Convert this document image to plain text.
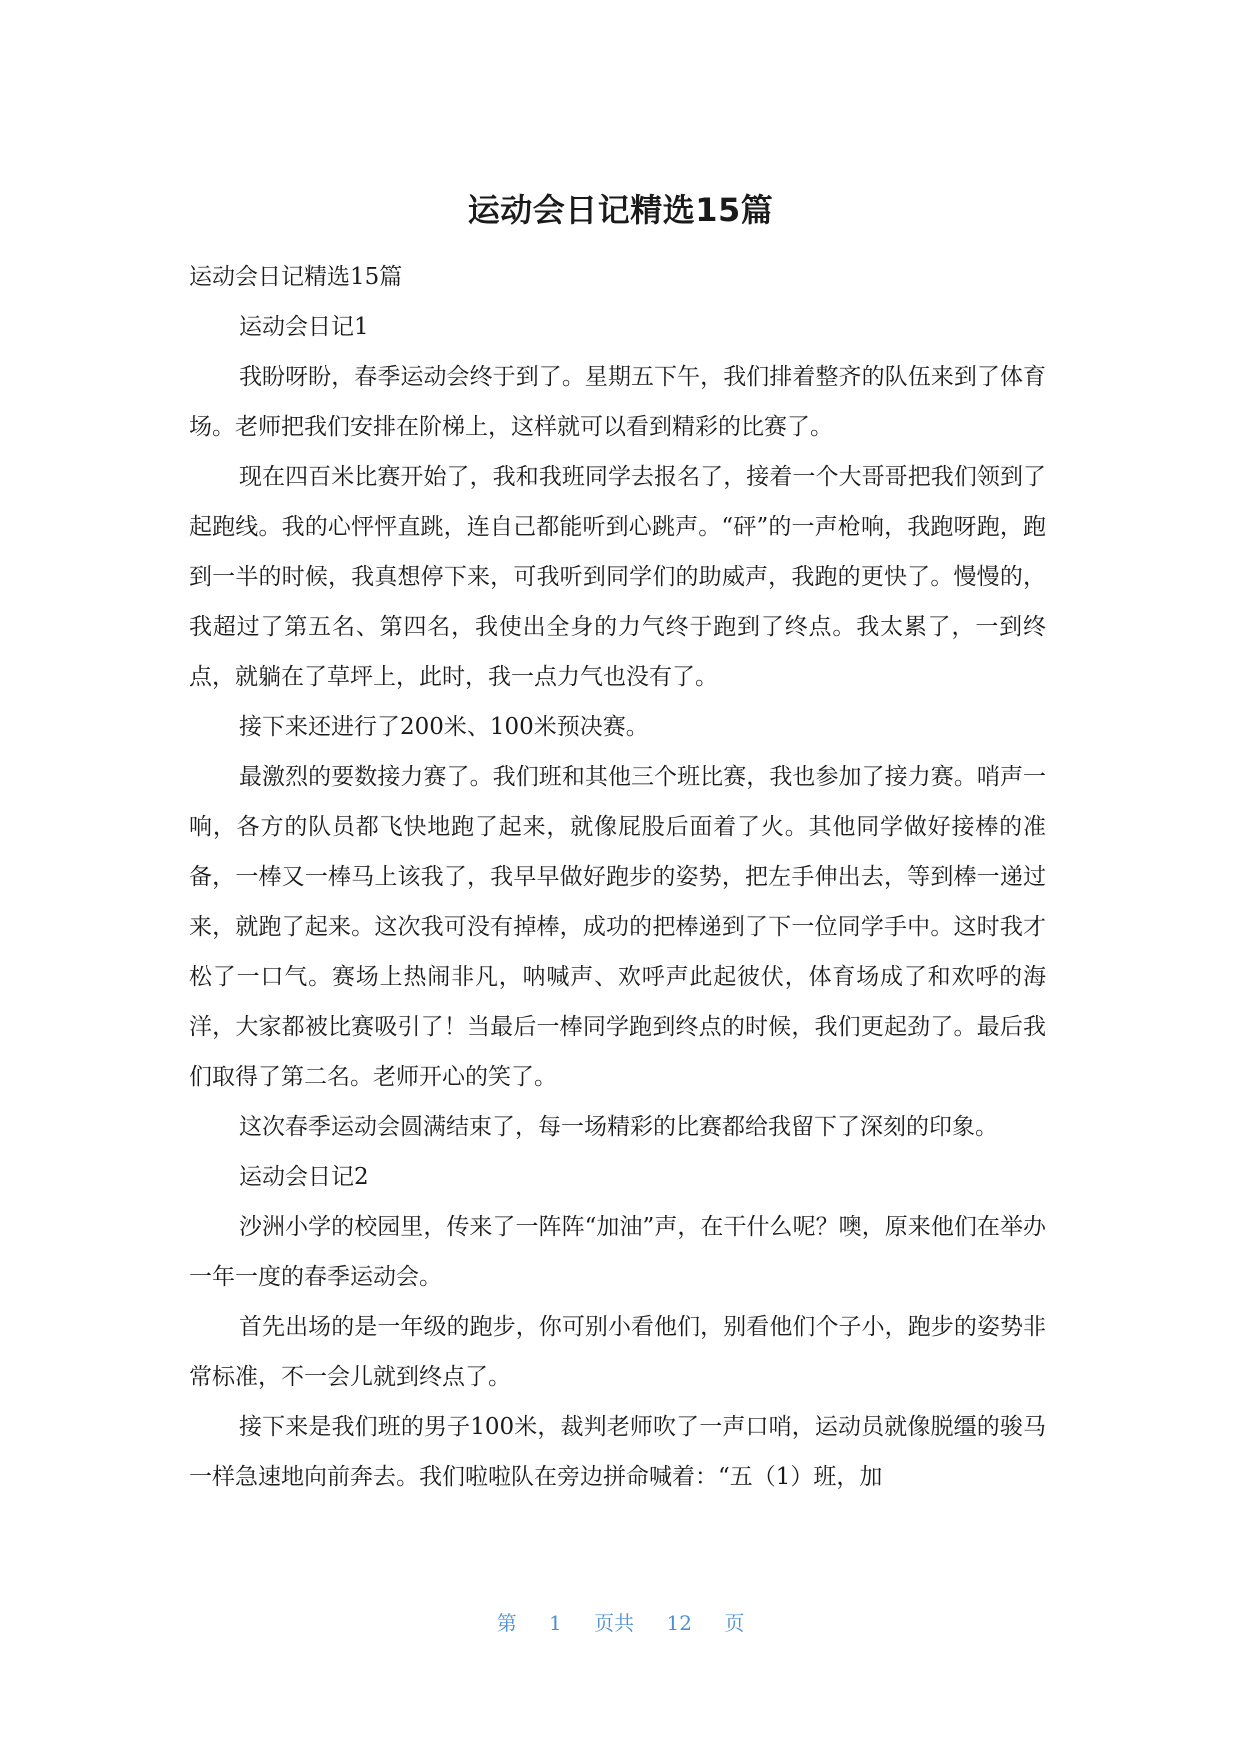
运动会日记精选15篇

运动会日记精选15篇

运动会日记1

我盼呀盼，春季运动会终于到了。星期五下午，我们排着整齐的队伍来到了体育场。老师把我们安排在阶梯上，这样就可以看到精彩的比赛了。

现在四百米比赛开始了，我和我班同学去报名了，接着一个大哥哥把我们领到了起跑线。我的心怦怦直跳，连自己都能听到心跳声。“砰”的一声枪响，我跑呀跑，跑到一半的时候，我真想停下来，可我听到同学们的助威声，我跑的更快了。慢慢的，我超过了第五名、第四名，我使出全身的力气终于跑到了终点。我太累了，一到终点，就躺在了草坪上，此时，我一点力气也没有了。

接下来还进行了200米、100米预决赛。

最激烈的要数接力赛了。我们班和其他三个班比赛，我也参加了接力赛。哨声一响，各方的队员都飞快地跑了起来，就像屁股后面着了火。其他同学做好接棒的准备，一棒又一棒马上该我了，我早早做好跑步的姿势，把左手伸出去，等到棒一递过来，就跑了起来。这次我可没有掉棒，成功的把棒递到了下一位同学手中。这时我才松了一口气。赛场上热闹非凡，呐喊声、欢呼声此起彼伏，体育场成了和欢呼的海洋，大家都被比赛吸引了！当最后一棒同学跑到终点的时候，我们更起劲了。最后我们取得了第二名。老师开心的笑了。

这次春季运动会圆满结束了，每一场精彩的比赛都给我留下了深刻的印象。

运动会日记2

沙洲小学的校园里，传来了一阵阵“加油”声，在干什么呢？噢，原来他们在举办一年一度的春季运动会。

首先出场的是一年级的跑步，你可别小看他们，别看他们个子小，跑步的姿势非常标准，不一会儿就到终点了。

接下来是我们班的男子100米，裁判老师吹了一声口哨，运动员就像脱缰的骏马一样急速地向前奔去。我们啦啦队在旁边拼命喊着：“五（1）班，加

第 1 页共 12 页
